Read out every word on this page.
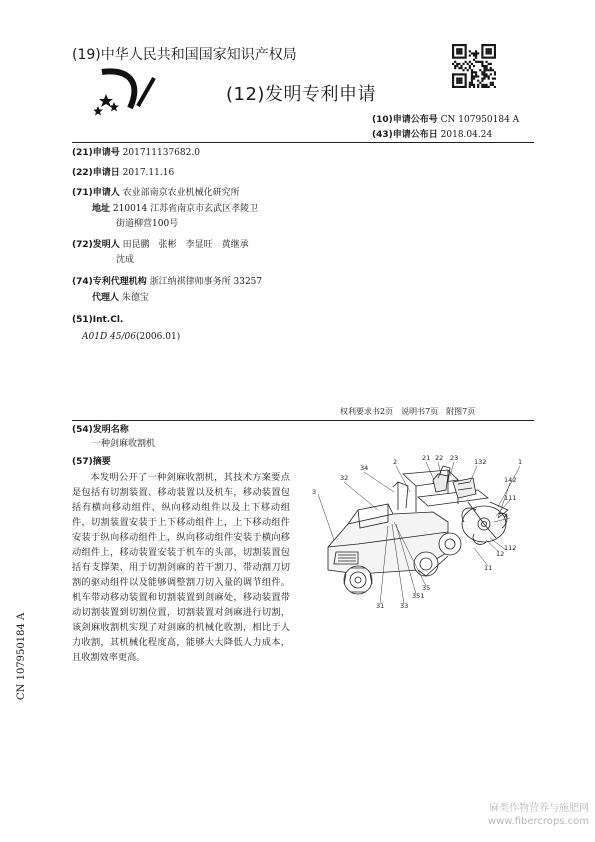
(19)中华人民共和国国家知识产权局
(12)发明专利申请
(10)申请公布号 CN 107950184 A
(43)申请公布日 2018.04.24
(21)申请号 201711137682.0
(22)申请日 2017.11.16
(71)申请人 农业部南京农业机械化研究所
地址 210014 江苏省南京市玄武区孝陵卫
街道柳营100号
(72)发明人 田昆鹏　张彬　李显旺　黄继承
沈成
(74)专利代理机构 浙江纳祺律师事务所 33257
代理人 朱德宝
(51)Int.Cl.
A01D 45/06(2006.01)
权利要求书2页　说明书7页　附图7页
(54)发明名称
一种剑麻收割机
(57)摘要
本发明公开了一种剑麻收割机，其技术方案要点是包括有切割装置、移动装置以及机车，移动装置包括有横向移动组件、纵向移动组件以及上下移动组件，切割装置安装于上下移动组件上，上下移动组件安装于纵向移动组件上，纵向移动组件安装于横向移动组件上，移动装置安装于机车的头部，切割装置包括有支撑架、用于切割剑麻的若干割刀、带动割刀切割的驱动组件以及能够调整割刀切入量的调节组件。机车带动移动装置和切割装置到剑麻处，移动装置带动切割装置到切割位置，切割装置对剑麻进行切割，该剑麻收割机实现了对剑麻的机械化收割，相比于人力收割，其机械化程度高，能够大大降低人力成本，且收割效率更高。
2	21 22 23 132	1
3
34
32	142
111
4
12
112
11
35
351
33
31
CN 107950184 A
麻类作物营养与施肥网
www.fibercrops.com
